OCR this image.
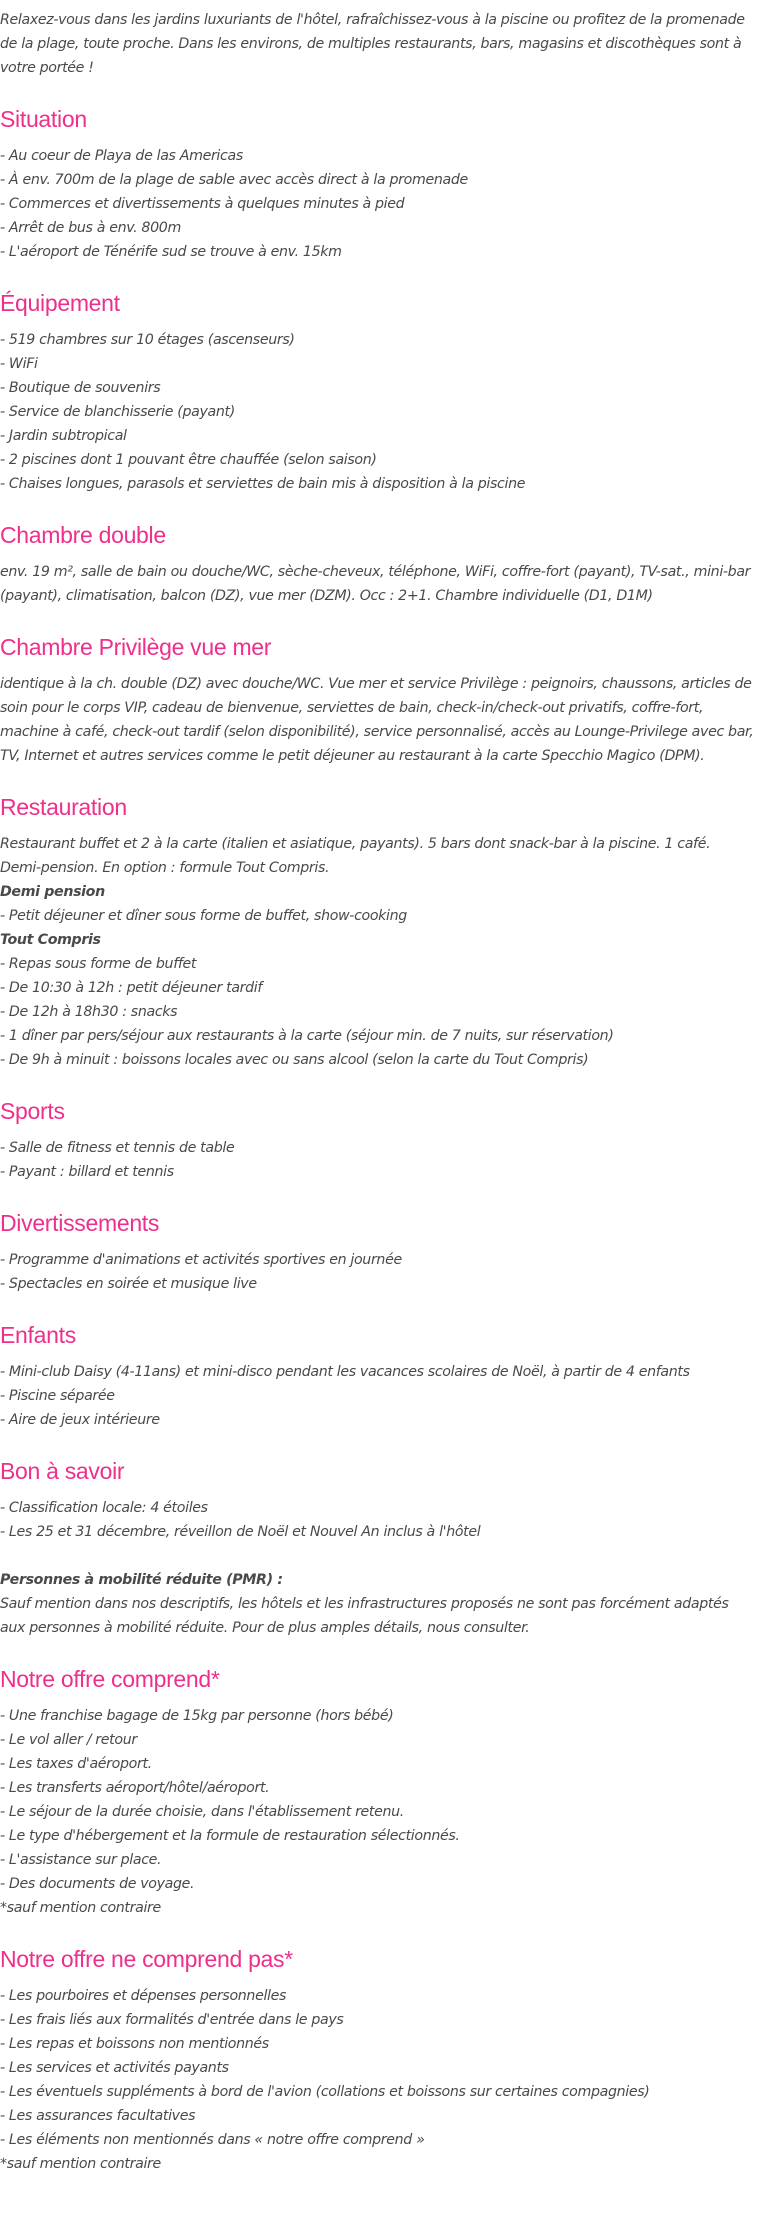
Relaxez-vous dans les jardins luxuriants de l'hôtel, rafraîchissez-vous à la piscine ou profitez de la promenade de la plage, toute proche. Dans les environs, de multiples restaurants, bars, magasins et discothèques sont à votre portée !

Situation
- Au coeur de Playa de las Americas
- À env. 700m de la plage de sable avec accès direct à la promenade
- Commerces et divertissements à quelques minutes à pied
- Arrêt de bus à env. 800m
- L'aéroport de Ténérife sud se trouve à env. 15km
Équipement
- 519 chambres sur 10 étages (ascenseurs)
- WiFi
- Boutique de souvenirs
- Service de blanchisserie (payant)
- Jardin subtropical
- 2 piscines dont 1 pouvant être chauffée (selon saison)
- Chaises longues, parasols et serviettes de bain mis à disposition à la piscine
Chambre double

env. 19 m², salle de bain ou douche/WC, sèche-cheveux, téléphone, WiFi, coffre-fort (payant), TV-sat., mini-bar (payant), climatisation, balcon (DZ), vue mer (DZM). Occ : 2+1. Chambre individuelle (D1, D1M)

Chambre Privilège vue mer

identique à la ch. double (DZ) avec douche/WC. Vue mer et service Privilège : peignoirs, chaussons, articles de soin pour le corps VIP, cadeau de bienvenue, serviettes de bain, check-in/check-out privatifs, coffre-fort, machine à café, check-out tardif (selon disponibilité), service personnalisé, accès au Lounge-Privilege avec bar, TV, Internet et autres services comme le petit déjeuner au restaurant à la carte Specchio Magico (DPM).

Restauration

Restaurant buffet et 2 à la carte (italien et asiatique, payants). 5 bars dont snack-bar à la piscine. 1 café.

Demi-pension. En option : formule Tout Compris.

Demi pension

- Petit déjeuner et dîner sous forme de buffet, show-cooking

Tout Compris

- Repas sous forme de buffet
- De 10:30 à 12h : petit déjeuner tardif
- De 12h à 18h30 : snacks
- 1 dîner par pers/séjour aux restaurants à la carte (séjour min. de 7 nuits, sur réservation)
- De 9h à minuit : boissons locales avec ou sans alcool (selon la carte du Tout Compris)
Sports
- Salle de fitness et tennis de table
- Payant : billard et tennis
Divertissements
- Programme d'animations et activités sportives en journée
- Spectacles en soirée et musique live
Enfants
- Mini-club Daisy (4-11ans) et mini-disco pendant les vacances scolaires de Noël, à partir de 4 enfants
- Piscine séparée
- Aire de jeux intérieure
Bon à savoir
- Classification locale: 4 étoiles
- Les 25 et 31 décembre, réveillon de Noël et Nouvel An inclus à l'hôtel

Personnes à mobilité réduite (PMR) :

Sauf mention dans nos descriptifs, les hôtels et les infrastructures proposés ne sont pas forcément adaptés aux personnes à mobilité réduite. Pour de plus amples détails, nous consulter.

Notre offre comprend*
- Une franchise bagage de 15kg par personne (hors bébé)
- Le vol aller / retour
- Les taxes d'aéroport.
- Les transferts aéroport/hôtel/aéroport.
- Le séjour de la durée choisie, dans l'établissement retenu.
- Le type d'hébergement et la formule de restauration sélectionnés.
- L'assistance sur place.
- Des documents de voyage.

*sauf mention contraire

Notre offre ne comprend pas*
- Les pourboires et dépenses personnelles
- Les frais liés aux formalités d'entrée dans le pays
- Les repas et boissons non mentionnés
- Les services et activités payants
- Les éventuels suppléments à bord de l'avion (collations et boissons sur certaines compagnies)
- Les assurances facultatives
- Les éléments non mentionnés dans « notre offre comprend »

*sauf mention contraire
